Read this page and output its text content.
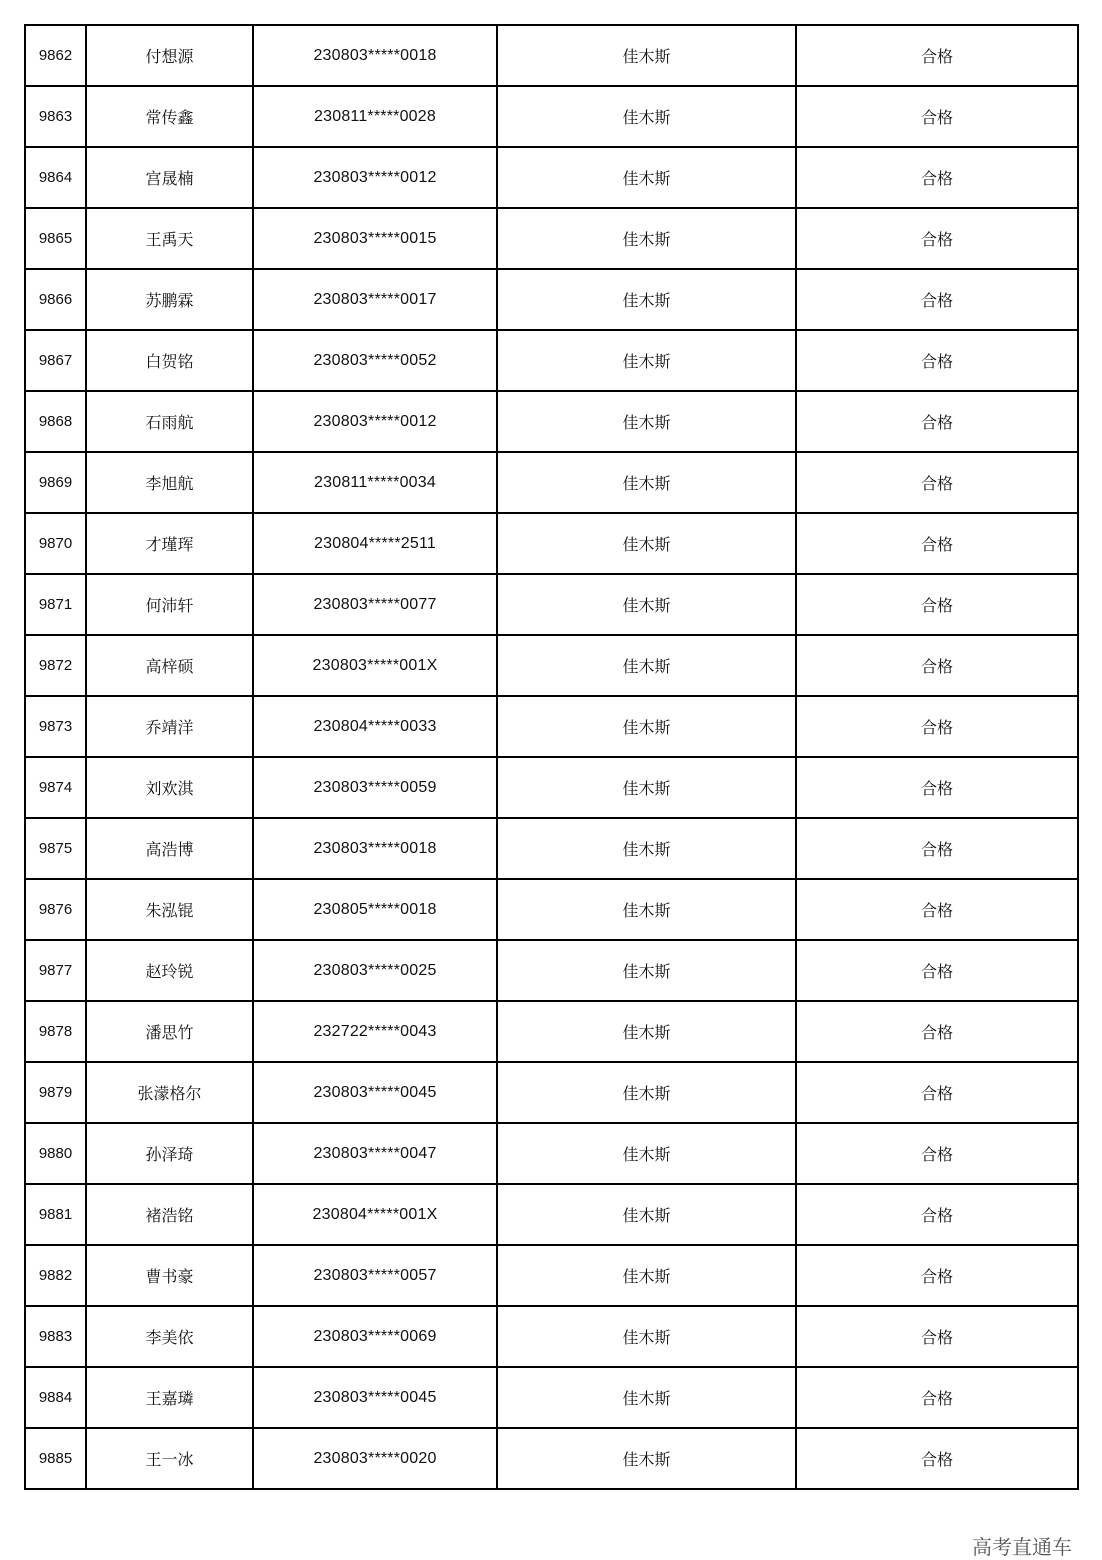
9862	付想源	230803*****0018	佳木斯	合格
9863	常传鑫	230811*****0028	佳木斯	合格
9864	宫晟楠	230803*****0012	佳木斯	合格
9865	王禹天	230803*****0015	佳木斯	合格
9866	苏鹏霖	230803*****0017	佳木斯	合格
9867	白贺铭	230803*****0052	佳木斯	合格
9868	石雨航	230803*****0012	佳木斯	合格
9869	李旭航	230811*****0034	佳木斯	合格
9870	才瑾珲	230804*****2511	佳木斯	合格
9871	何沛轩	230803*****0077	佳木斯	合格
9872	高梓硕	230803*****001X	佳木斯	合格
9873	乔靖洋	230804*****0033	佳木斯	合格
9874	刘欢淇	230803*****0059	佳木斯	合格
9875	高浩博	230803*****0018	佳木斯	合格
9876	朱泓锟	230805*****0018	佳木斯	合格
9877	赵玲锐	230803*****0025	佳木斯	合格
9878	潘思竹	232722*****0043	佳木斯	合格
9879	张濛格尔	230803*****0045	佳木斯	合格
9880	孙泽琦	230803*****0047	佳木斯	合格
9881	褚浩铭	230804*****001X	佳木斯	合格
9882	曹书豪	230803*****0057	佳木斯	合格
9883	李美依	230803*****0069	佳木斯	合格
9884	王嘉璘	230803*****0045	佳木斯	合格
9885	王一冰	230803*****0020	佳木斯	合格
高考直通车
